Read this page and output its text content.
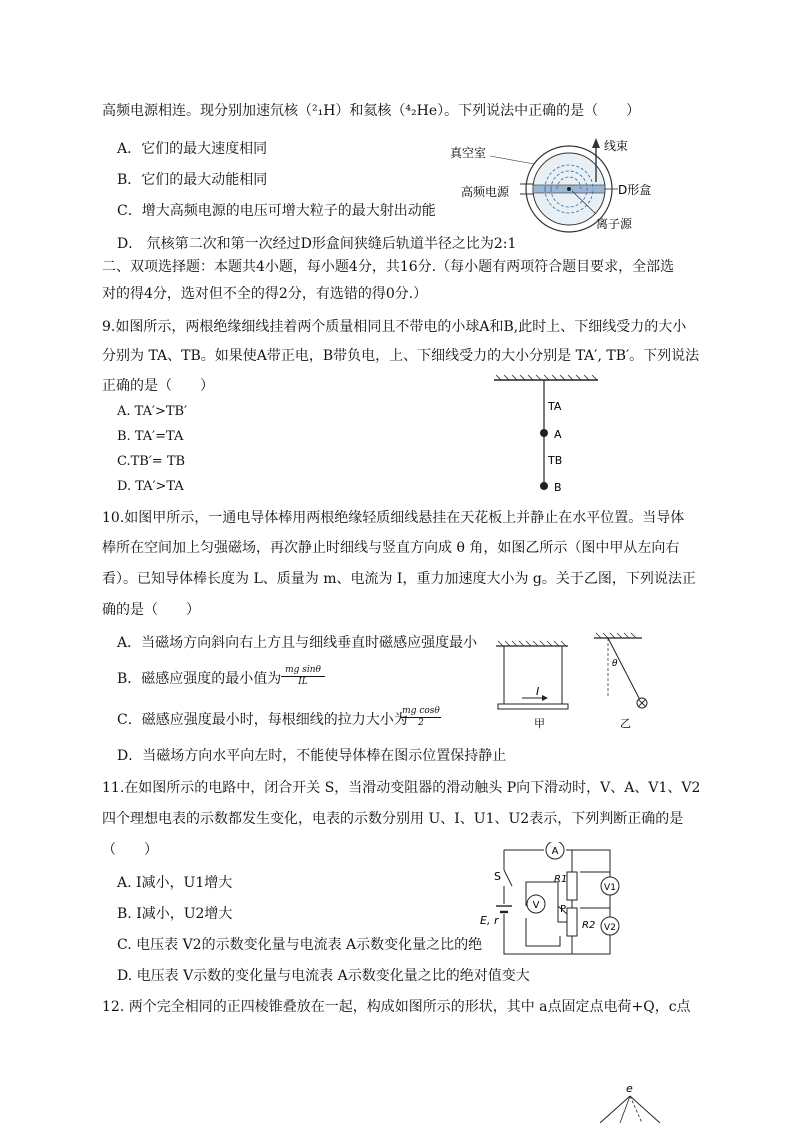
高频电源相连。现分别加速氘核（²₁H）和氦核（⁴₂He）。下列说法中正确的是（　　）
A．它们的最大速度相同
B．它们的最大动能相同
C．增大高频电源的电压可增大粒子的最大射出动能
D． 氘核第二次和第一次经过D形盒间狭缝后轨道半径之比为2:1
真空室	线束
高频电源	D形盒
离子源
二、双项选择题：本题共4小题，每小题4分，共16分.（每小题有两项符合题目要求，全部选
对的得4分，选对但不全的得2分，有选错的得0分.）
9.如图所示，两根绝缘细线挂着两个质量相同且不带电的小球A和B,此时上、下细线受力的大小
分别为 TA、TB。如果使A带正电，B带负电，上、下细线受力的大小分别是 TA′, TB′。下列说法
正确的是（　　）
A. TA′>TB′
B. TA′=TA
C.TB′= TB
D. TA′>TA
TA
A
TB
B
10.如图甲所示，一通电导体棒用两根绝缘轻质细线悬挂在天花板上并静止在水平位置。当导体
棒所在空间加上匀强磁场，再次静止时细线与竖直方向成 θ 角，如图乙所示（图中甲从左向右
看）。已知导体棒长度为 L、质量为 m、电流为 I，重力加速度大小为 g。关于乙图，下列说法正
确的是（　　）
A．当磁场方向斜向右上方且与细线垂直时磁感应强度最小
B．磁感应强度的最小值为 $\frac{\text{mg sinθ}}{IL}$
C．磁感应强度最小时，每根细线的拉力大小为
$\frac{\text{mg cosθ}}{2}$
D．当磁场方向水平向左时，不能使导体棒在图示位置保持静止
I
甲
θ
乙
11.在如图所示的电路中，闭合开关 S，当滑动变阻器的滑动触头 P向下滑动时，V、A、V1、V2
四个理想电表的示数都发生变化，电表的示数分别用 U、I、U1、U2表示，下列判断正确的是
（　　）
A. I减小，U1增大
B. I减小，U2增大
C. 电压表 V2的示数变化量与电流表 A示数变化量之比的绝
D. 电压表 V示数的变化量与电流表 A示数变化量之比的绝对值变大
A
V1
V2
V
S
E, r
R1
P
R2
12. 两个完全相同的正四棱锥叠放在一起，构成如图所示的形状，其中 a点固定点电荷+Q，c点
e
